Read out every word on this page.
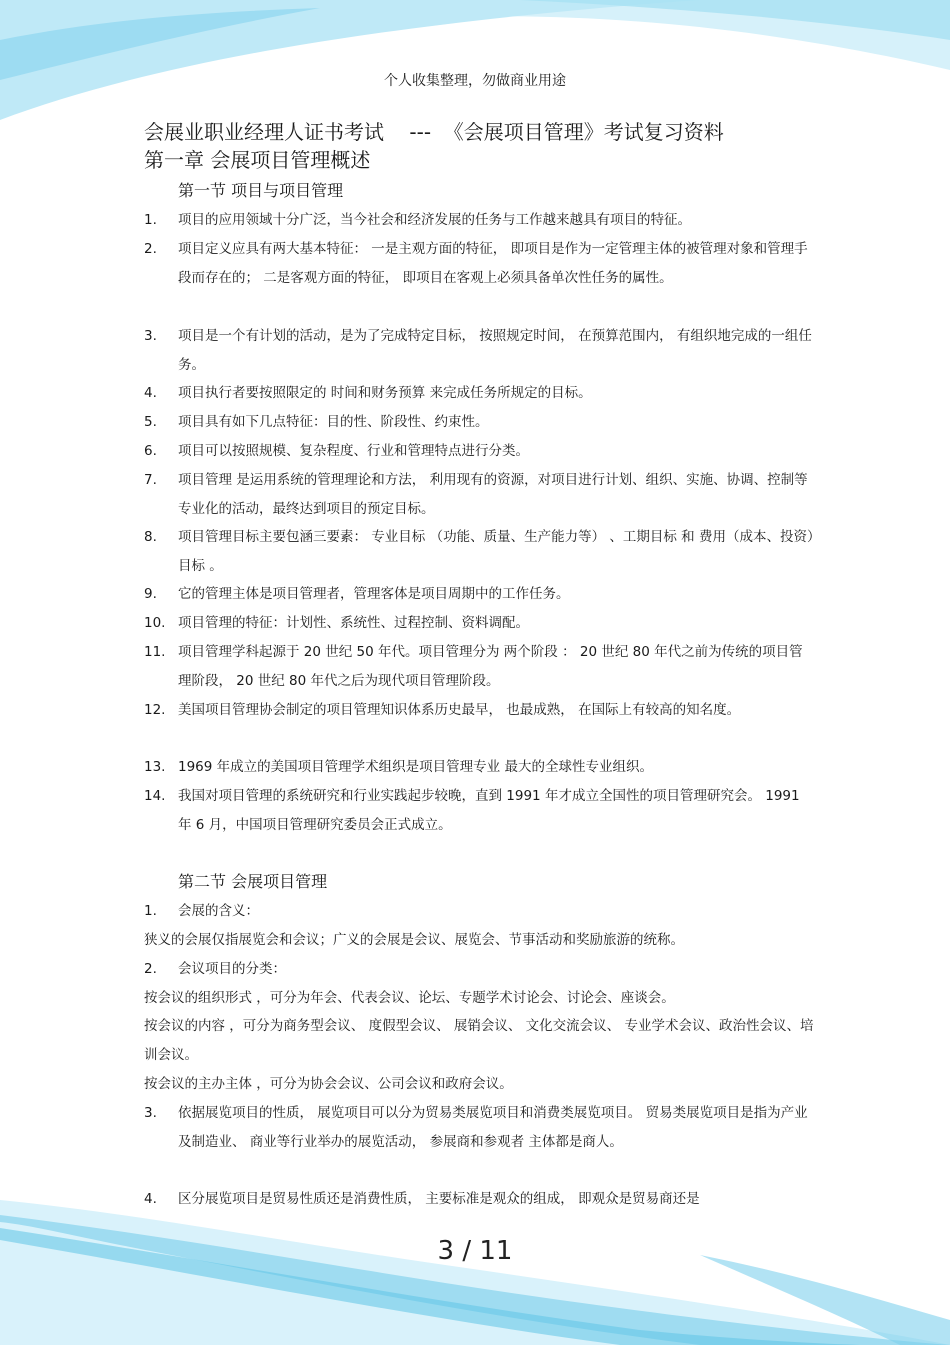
个人收集整理，勿做商业用途
会展业职业经理人证书考试    ---  《会展项目管理》考试复习资料
第一章 会展项目管理概述
第一节 项目与项目管理
1.	项目的应用领域十分广泛，当今社会和经济发展的任务与工作越来越具有项目的特征。
2.	项目定义应具有两大基本特征： 一是主观方面的特征， 即项目是作为一定管理主体的被管理对象和管理手段而存在的； 二是客观方面的特征， 即项目在客观上必须具备单次性任务的属性。
3.	项目是一个有计划的活动，是为了完成特定目标， 按照规定时间， 在预算范围内， 有组织地完成的一组任务。
4.	项目执行者要按照限定的 时间和财务预算 来完成任务所规定的目标。
5.	项目具有如下几点特征：目的性、阶段性、约束性。
6.	项目可以按照规模、复杂程度、行业和管理特点进行分类。
7.	项目管理 是运用系统的管理理论和方法， 利用现有的资源，对项目进行计划、组织、实施、协调、控制等专业化的活动，最终达到项目的预定目标。
8.	项目管理目标主要包涵三要素： 专业目标 （功能、质量、生产能力等） 、工期目标 和 费用（成本、投资）目标 。
9.	它的管理主体是项目管理者，管理客体是项目周期中的工作任务。
10. 项目管理的特征：计划性、系统性、过程控制、资料调配。
11. 项目管理学科起源于 20 世纪 50 年代。项目管理分为 两个阶段 ： 20 世纪 80 年代之前为传统的项目管理阶段， 20 世纪 80 年代之后为现代项目管理阶段。
12. 美国项目管理协会制定的项目管理知识体系历史最早， 也最成熟， 在国际上有较高的知名度。
13. 1969 年成立的美国项目管理学术组织是项目管理专业 最大的全球性专业组织。
14. 我国对项目管理的系统研究和行业实践起步较晚，直到 1991 年才成立全国性的项目管理研究会。 1991 年 6 月，中国项目管理研究委员会正式成立。
第二节 会展项目管理
1.	会展的含义：
狭义的会展仅指展览会和会议；广义的会展是会议、展览会、节事活动和奖励旅游的统称。
2.	会议项目的分类：
按会议的组织形式 ，可分为年会、代表会议、论坛、专题学术讨论会、讨论会、座谈会。
按会议的内容 ，可分为商务型会议、 度假型会议、 展销会议、 文化交流会议、 专业学术会议、政治性会议、培训会议。
按会议的主办主体 ，可分为协会会议、公司会议和政府会议。
3.	依据展览项目的性质， 展览项目可以分为贸易类展览项目和消费类展览项目。 贸易类展览项目是指为产业及制造业、 商业等行业举办的展览活动， 参展商和参观者 主体都是商人。
4.	区分展览项目是贸易性质还是消费性质， 主要标准是观众的组成， 即观众是贸易商还是
3 / 11
